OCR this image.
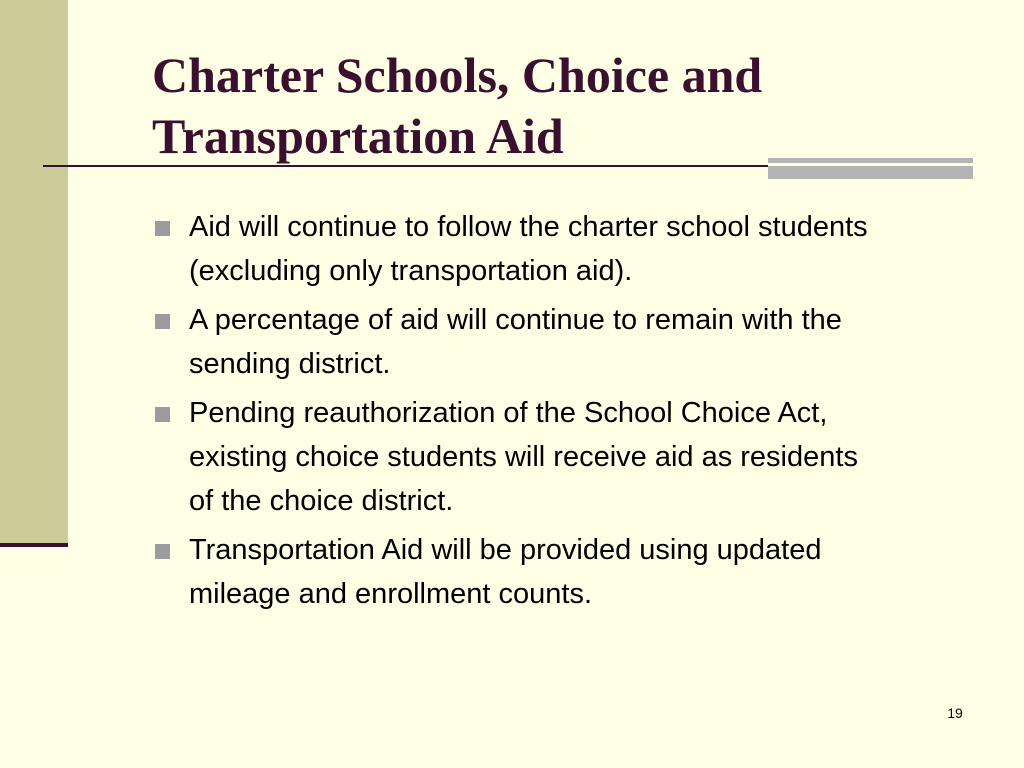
Charter Schools, Choice and
Transportation Aid
Aid will continue to follow the charter school students
(excluding only transportation aid).
A percentage of aid will continue to remain with the
sending district.
Pending reauthorization of the School Choice Act,
existing choice students will receive aid as residents
of the choice district.
Transportation Aid will be provided using updated
mileage and enrollment counts.
19
